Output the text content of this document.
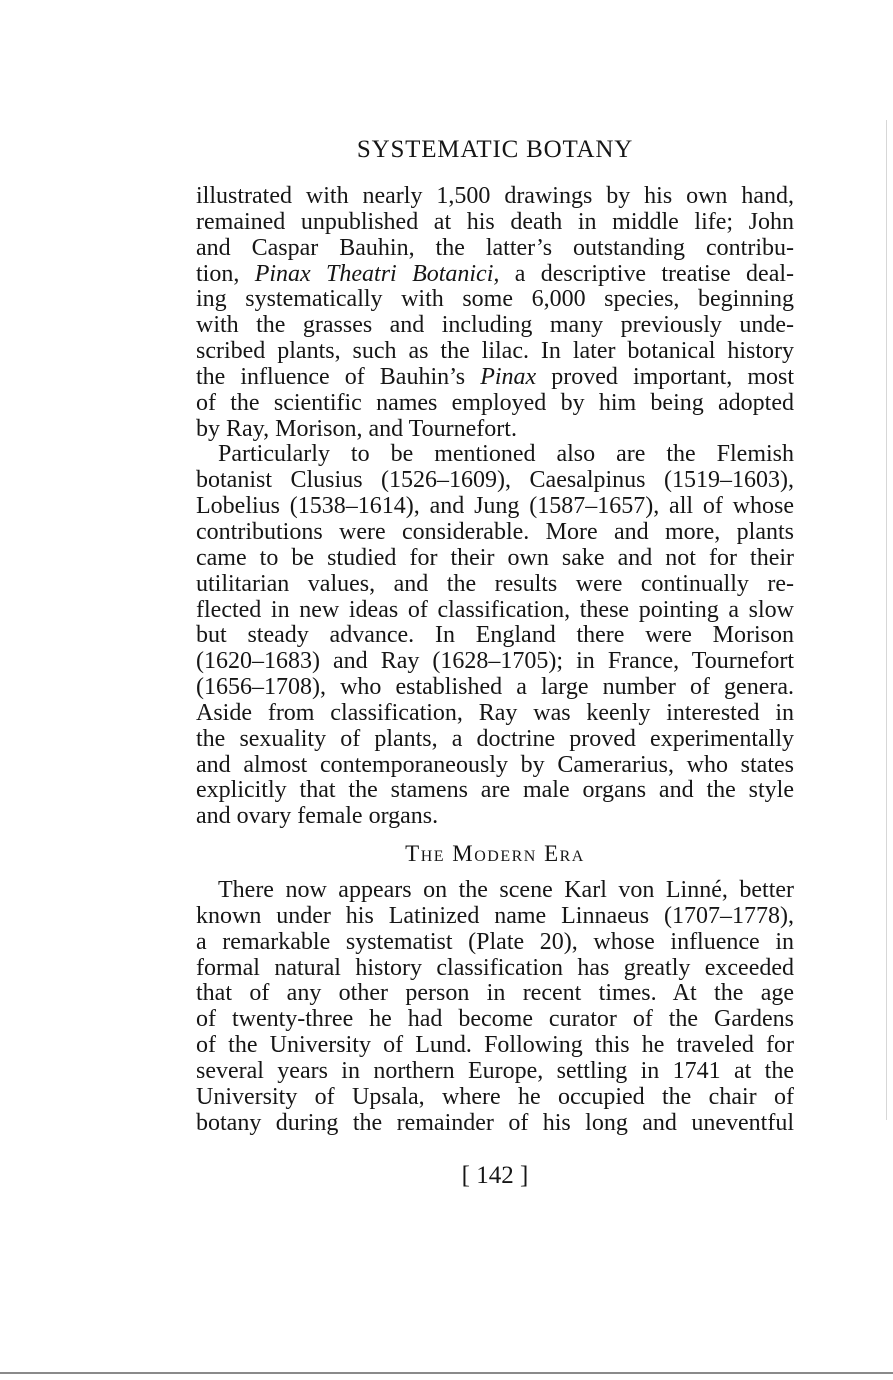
SYSTEMATIC BOTANY
illustrated with nearly 1,500 drawings by his own hand,
remained unpublished at his death in middle life; John
and Caspar Bauhin, the latter’s outstanding contribu-
tion, Pinax Theatri Botanici, a descriptive treatise deal-
ing systematically with some 6,000 species, beginning
with the grasses and including many previously unde-
scribed plants, such as the lilac. In later botanical history
the influence of Bauhin’s Pinax proved important, most
of the scientific names employed by him being adopted
by Ray, Morison, and Tournefort.
Particularly to be mentioned also are the Flemish
botanist Clusius (1526–1609), Caesalpinus (1519–1603),
Lobelius (1538–1614), and Jung (1587–1657), all of whose
contributions were considerable. More and more, plants
came to be studied for their own sake and not for their
utilitarian values, and the results were continually re-
flected in new ideas of classification, these pointing a slow
but steady advance. In England there were Morison
(1620–1683) and Ray (1628–1705); in France, Tournefort
(1656–1708), who established a large number of genera.
Aside from classification, Ray was keenly interested in
the sexuality of plants, a doctrine proved experimentally
and almost contemporaneously by Camerarius, who states
explicitly that the stamens are male organs and the style
and ovary female organs.
The Modern Era
There now appears on the scene Karl von Linné, better
known under his Latinized name Linnaeus (1707–1778),
a remarkable systematist (Plate 20), whose influence in
formal natural history classification has greatly exceeded
that of any other person in recent times. At the age
of twenty-three he had become curator of the Gardens
of the University of Lund. Following this he traveled for
several years in northern Europe, settling in 1741 at the
University of Upsala, where he occupied the chair of
botany during the remainder of his long and uneventful
[ 142 ]
